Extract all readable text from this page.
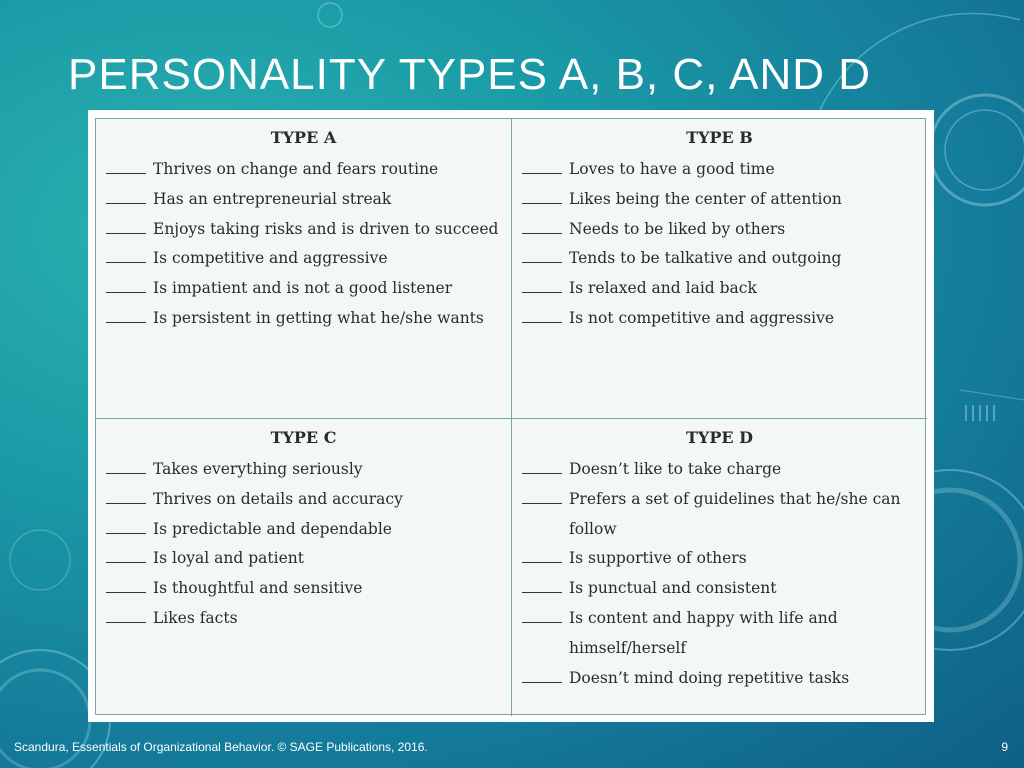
PERSONALITY TYPES A, B, C, AND D
TYPE A
Thrives on change and fears routine
Has an entrepreneurial streak
Enjoys taking risks and is driven to succeed
Is competitive and aggressive
Is impatient and is not a good listener
Is persistent in getting what he/she wants
TYPE B
Loves to have a good time
Likes being the center of attention
Needs to be liked by others
Tends to be talkative and outgoing
Is relaxed and laid back
Is not competitive and aggressive
TYPE C
Takes everything seriously
Thrives on details and accuracy
Is predictable and dependable
Is loyal and patient
Is thoughtful and sensitive
Likes facts
TYPE D
Doesn’t like to take charge
Prefers a set of guidelines that he/she can follow
Is supportive of others
Is punctual and consistent
Is content and happy with life and himself/herself
Doesn’t mind doing repetitive tasks
Scandura, Essentials of Organizational Behavior. © SAGE Publications, 2016.	9
